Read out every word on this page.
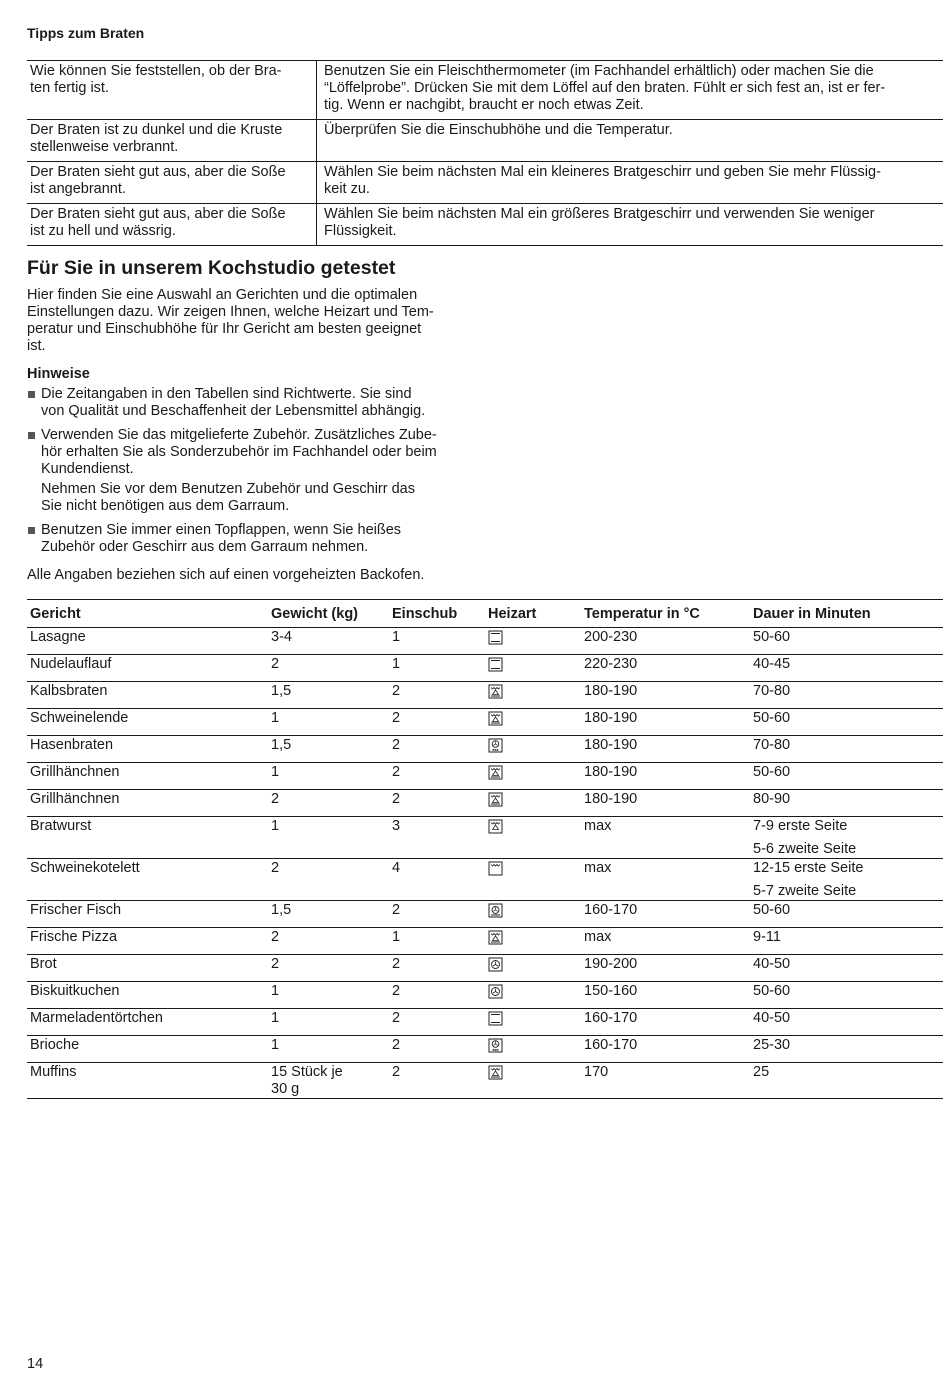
Tipps zum Braten
Wie können Sie feststellen, ob der Bra-
ten fertig ist.	Benutzen Sie ein Fleischthermometer (im Fachhandel erhältlich) oder machen Sie die
“Löffelprobe”. Drücken Sie mit dem Löffel auf den braten. Fühlt er sich fest an, ist er fer-
tig. Wenn er nachgibt, braucht er noch etwas Zeit.
Der Braten ist zu dunkel und die Kruste
stellenweise verbrannt.	Überprüfen Sie die Einschubhöhe und die Temperatur.
Der Braten sieht gut aus, aber die Soße
ist angebrannt.	Wählen Sie beim nächsten Mal ein kleineres Bratgeschirr und geben Sie mehr Flüssig-
keit zu.
Der Braten sieht gut aus, aber die Soße
ist zu hell und wässrig.	Wählen Sie beim nächsten Mal ein größeres Bratgeschirr und verwenden Sie weniger
Flüssigkeit.
Für Sie in unserem Kochstudio getestet
Hier finden Sie eine Auswahl an Gerichten und die optimalen
Einstellungen dazu. Wir zeigen Ihnen, welche Heizart und Tem-
peratur und Einschubhöhe für Ihr Gericht am besten geeignet
ist.
Hinweise

Die Zeitangaben in den Tabellen sind Richtwerte. Sie sind
von Qualität und Beschaffenheit der Lebensmittel abhängig.

Verwenden Sie das mitgelieferte Zubehör. Zusätzliches Zube-
hör erhalten Sie als Sonderzubehör im Fachhandel oder beim
Kundendienst.

Nehmen Sie vor dem Benutzen Zubehör und Geschirr das
Sie nicht benötigen aus dem Garraum.

Benutzen Sie immer einen Topflappen, wenn Sie heißes
Zubehör oder Geschirr aus dem Garraum nehmen.

Alle Angaben beziehen sich auf einen vorgeheizten Backofen.
Gericht	Gewicht (kg)	Einschub	Heizart	Temperatur in °C	Dauer in Minuten
Lasagne	3-4	1		200-230	50-60

Nudelauflauf	2	1		220-230	40-45

Kalbsbraten	1,5	2		180-190	70-80

Schweinelende	1	2		180-190	50-60

Hasenbraten	1,5	2	eco	180-190	70-80

Grillhänchnen	1	2		180-190	50-60

Grillhänchnen	2	2		180-190	80-90

Bratwurst	1	3		max	7-9 erste Seite
5-6 zweite Seite

Schweinekotelett	2	4		max	12-15 erste Seite
5-7 zweite Seite

Frischer Fisch	1,5	2		160-170	50-60

Frische Pizza	2	1		max	9-11

Brot	2	2		190-200	40-50

Biskuitkuchen	1	2		150-160	50-60

Marmeladentörtchen	1	2		160-170	40-50

Brioche	1	2	eco	160-170	25-30

Muffins	15 Stück je
30 g	2		170	25
14
